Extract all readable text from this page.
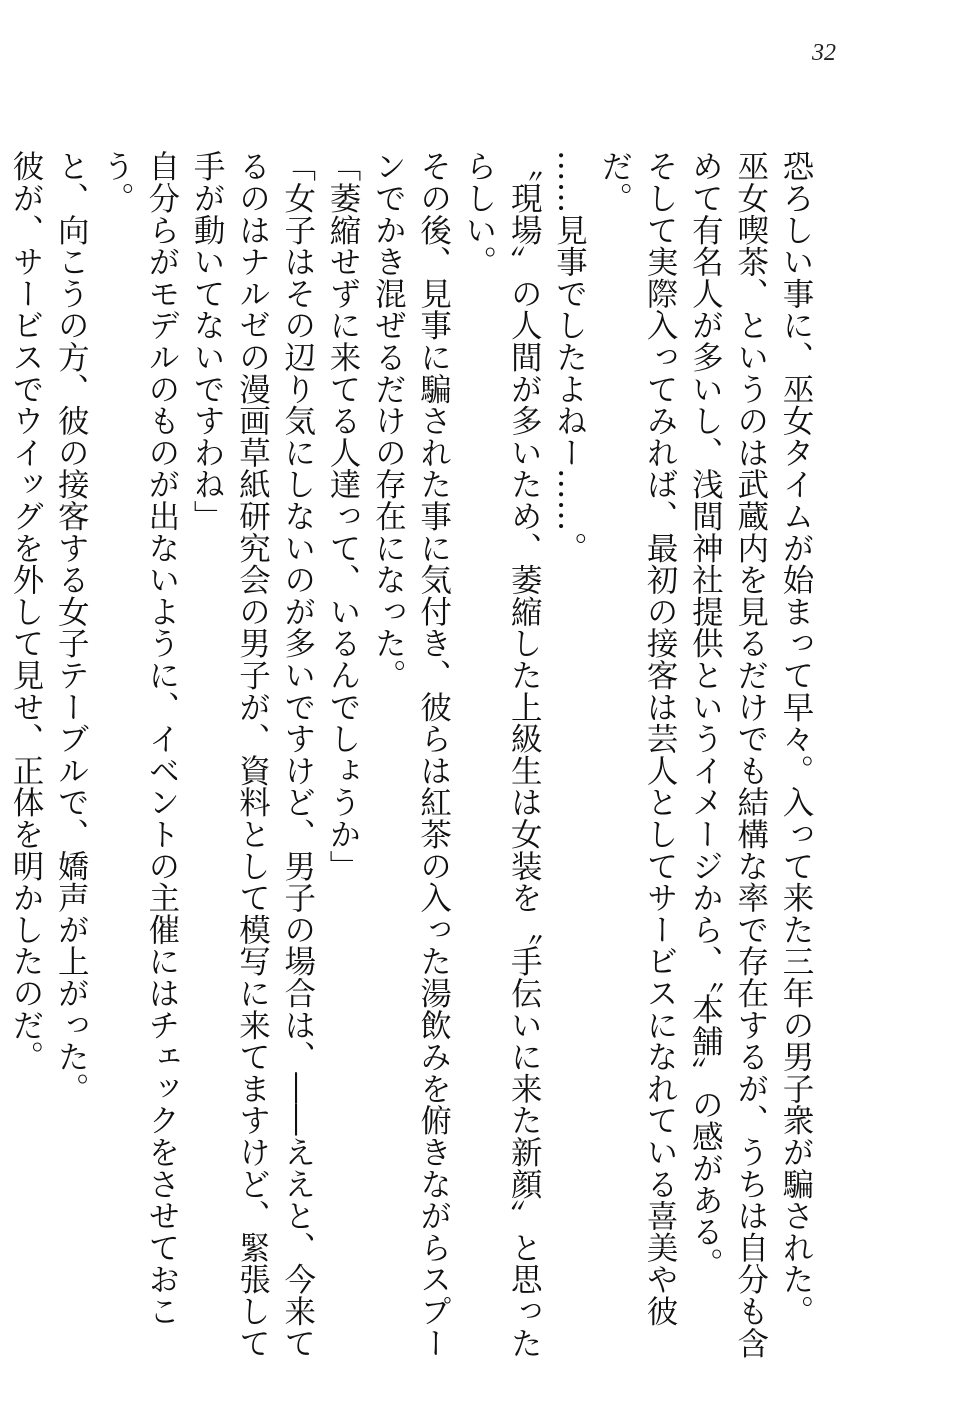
32

恐ろしい事に、巫女タイムが始まって早々。入って来た三年の男子衆が騙された。

巫女喫茶、というのは武蔵内を見るだけでも結構な率で存在するが、うちは自分も含めて有名人が多いし、浅間神社提供というイメージから、〝本舗〟の感がある。

そして実際入ってみれば、最初の接客は芸人としてサービスになれている喜美や彼だ。

……見事でしたよねー……。

〝現場〟の人間が多いため、萎縮した上級生は女装を〝手伝いに来た新顔〟と思ったらしい。

その後、見事に騙された事に気付き、彼らは紅茶の入った湯飲みを俯きながらスプーンでかき混ぜるだけの存在になった。

「萎縮せずに来てる人達って、いるんでしょうか」

「女子はその辺り気にしないのが多いですけど、男子の場合は、――ええと、今来てるのはナルゼの漫画草紙研究会の男子が、資料として模写に来てますけど、緊張して手が動いてないですわね」

自分らがモデルのものが出ないように、イベントの主催にはチェックをさせておこう。

と、向こうの方、彼の接客する女子テーブルで、嬌声が上がった。

彼が、サービスでウイッグを外して見せ、正体を明かしたのだ。
